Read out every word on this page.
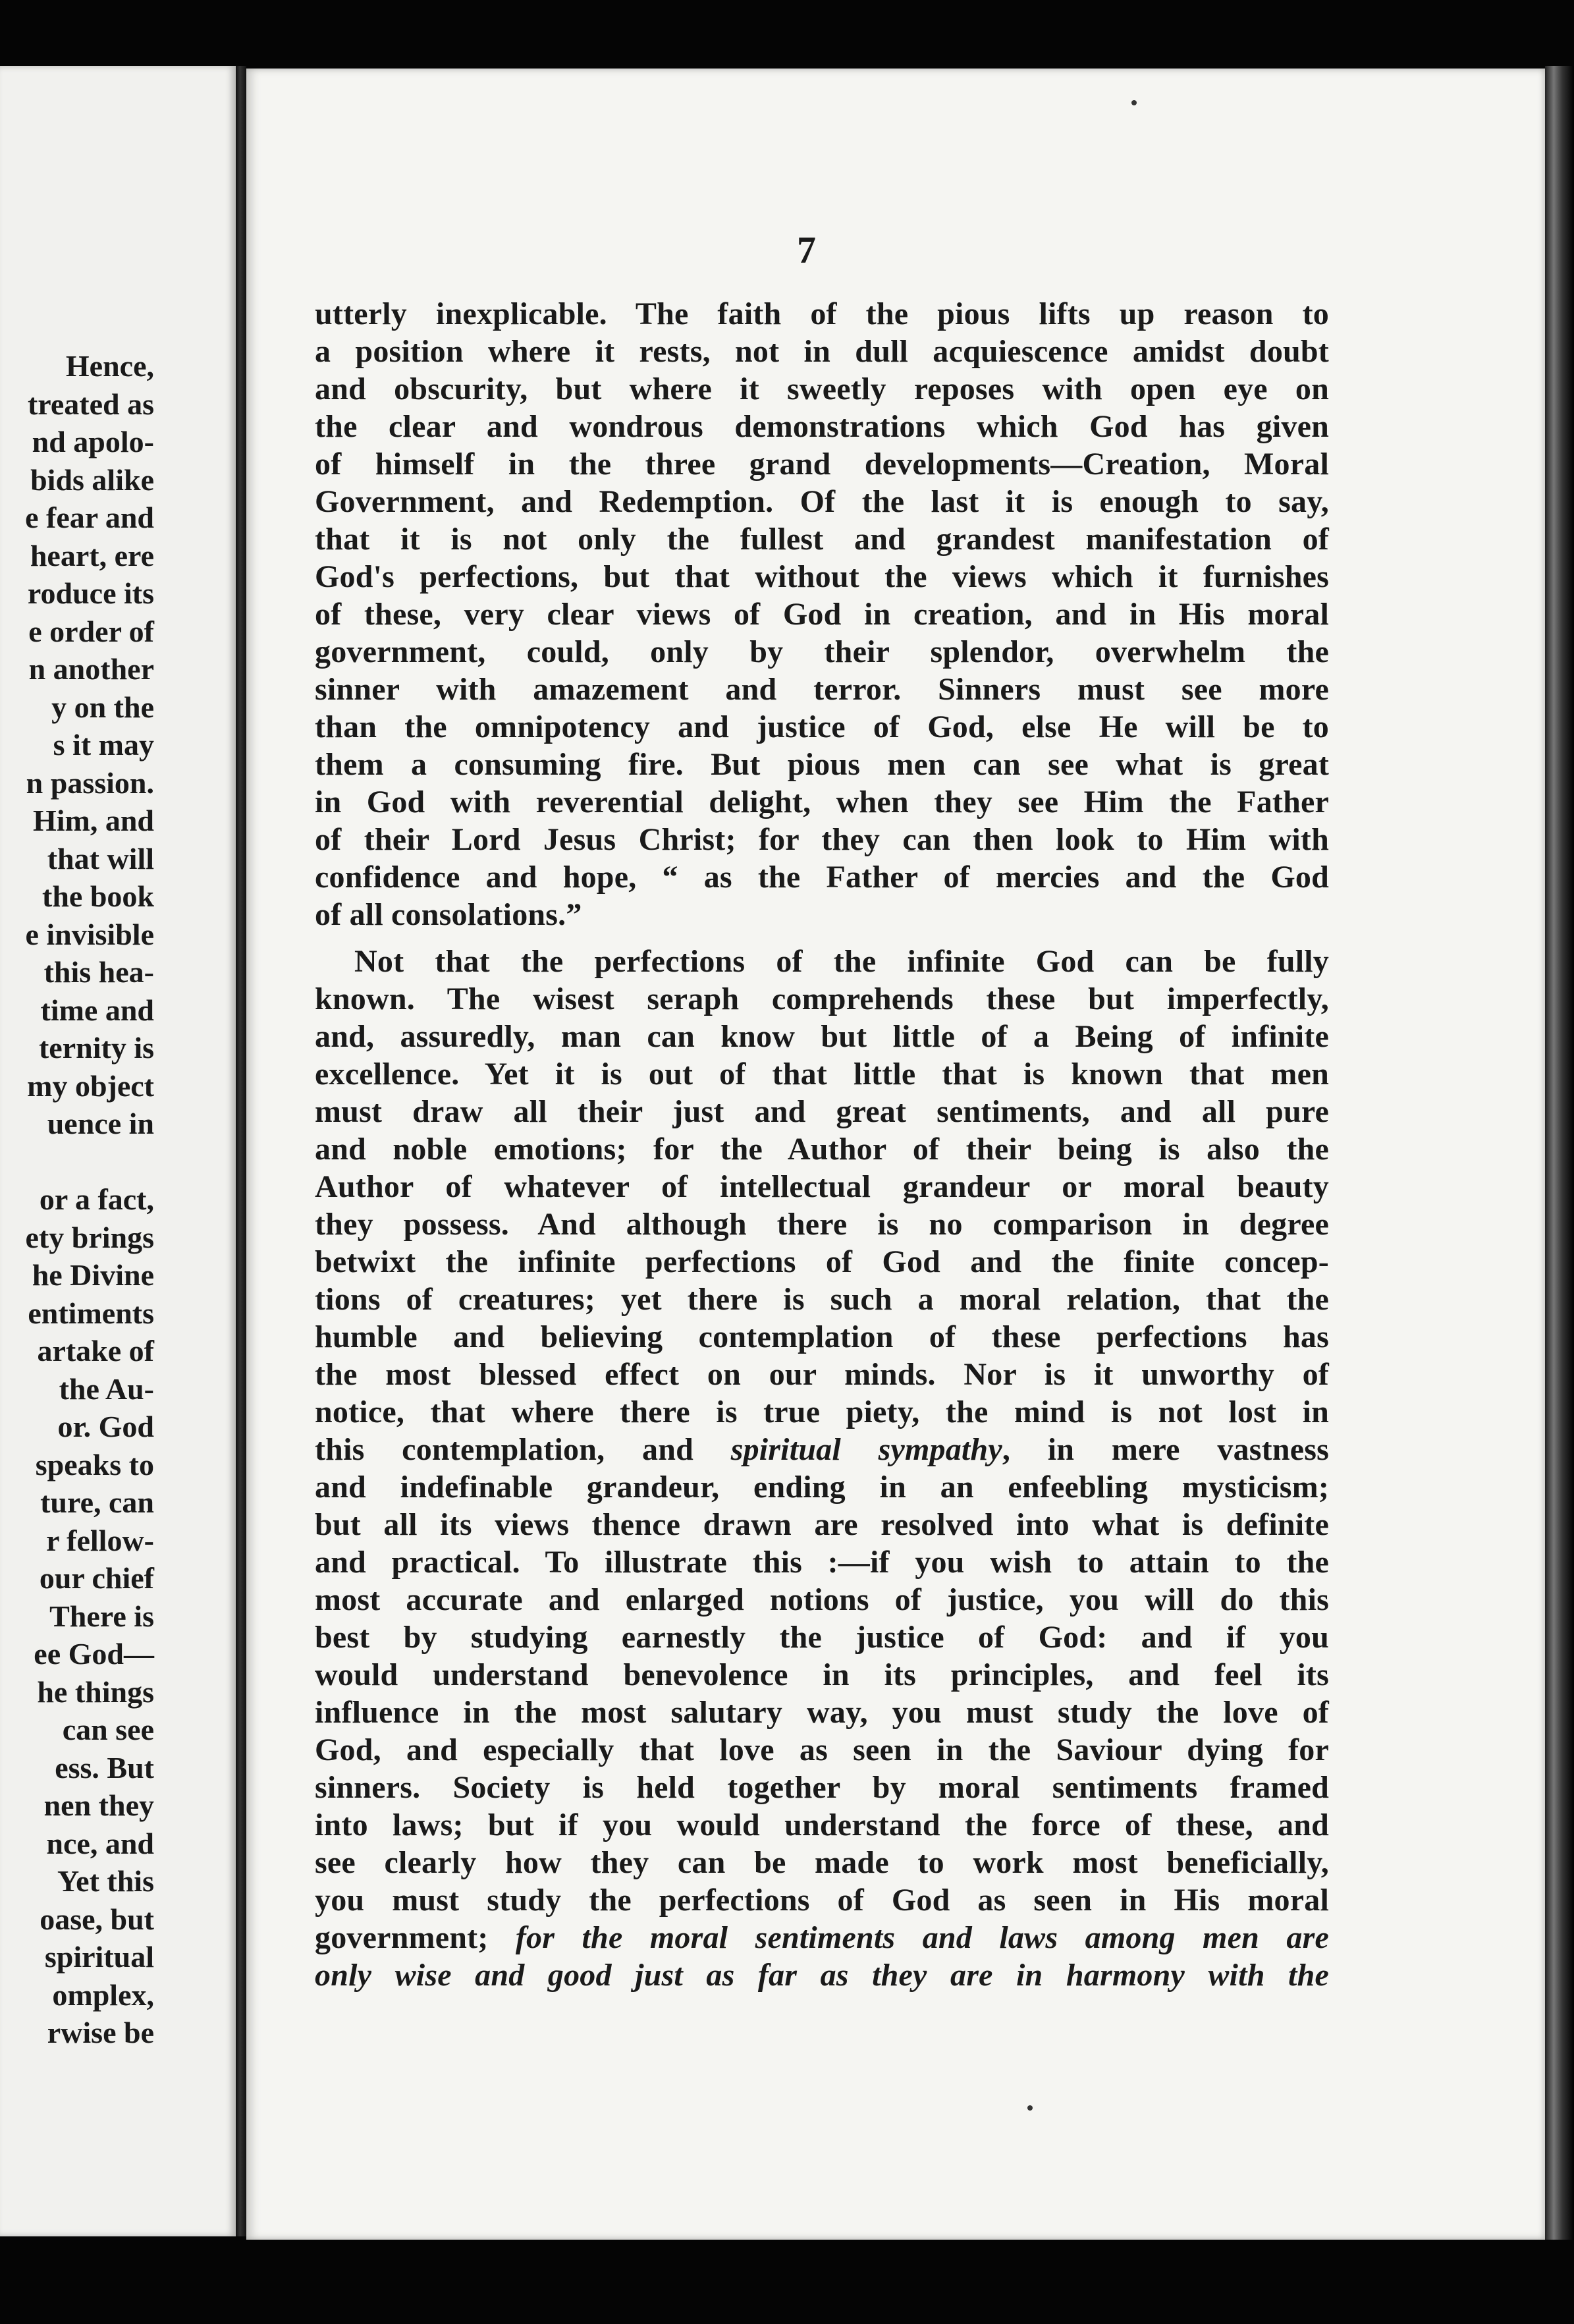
Hence,
treated as
nd apolo-
bids alike
e fear and
heart, ere
roduce its
e order of
n another
y on the
s it may
n passion.
Him, and
that will
the book
e invisible
this hea-
time and
ternity is
my object
uence in
or a fact,
ety brings
he Divine
entiments
artake of
the Au-
or. God
speaks to
ture, can
r fellow-
our chief
There is
ee God—
he things
can see
ess. But
nen they
nce, and
Yet this
oase, but
spiritual
omplex,
rwise be
7
utterly inexplicable. The faith of the pious lifts up reason to
a position where it rests, not in dull acquiescence amidst doubt
and obscurity, but where it sweetly reposes with open eye on
the clear and wondrous demonstrations which God has given
of himself in the three grand developments—Creation, Moral
Government, and Redemption. Of the last it is enough to say,
that it is not only the fullest and grandest manifestation of
God's perfections, but that without the views which it furnishes
of these, very clear views of God in creation, and in His moral
government, could, only by their splendor, overwhelm the
sinner with amazement and terror. Sinners must see more
than the omnipotency and justice of God, else He will be to
them a consuming fire. But pious men can see what is great
in God with reverential delight, when they see Him the Father
of their Lord Jesus Christ; for they can then look to Him with
confidence and hope, “ as the Father of mercies and the God
of all consolations.”
Not that the perfections of the infinite God can be fully
known. The wisest seraph comprehends these but imperfectly,
and, assuredly, man can know but little of a Being of infinite
excellence. Yet it is out of that little that is known that men
must draw all their just and great sentiments, and all pure
and noble emotions; for the Author of their being is also the
Author of whatever of intellectual grandeur or moral beauty
they possess. And although there is no comparison in degree
betwixt the infinite perfections of God and the finite concep-
tions of creatures; yet there is such a moral relation, that the
humble and believing contemplation of these perfections has
the most blessed effect on our minds. Nor is it unworthy of
notice, that where there is true piety, the mind is not lost in
this contemplation, and spiritual sympathy, in mere vastness
and indefinable grandeur, ending in an enfeebling mysticism;
but all its views thence drawn are resolved into what is definite
and practical. To illustrate this :—if you wish to attain to the
most accurate and enlarged notions of justice, you will do this
best by studying earnestly the justice of God: and if you
would understand benevolence in its principles, and feel its
influence in the most salutary way, you must study the love of
God, and especially that love as seen in the Saviour dying for
sinners. Society is held together by moral sentiments framed
into laws; but if you would understand the force of these, and
see clearly how they can be made to work most beneficially,
you must study the perfections of God as seen in His moral
government; for the moral sentiments and laws among men are
only wise and good just as far as they are in harmony with the
